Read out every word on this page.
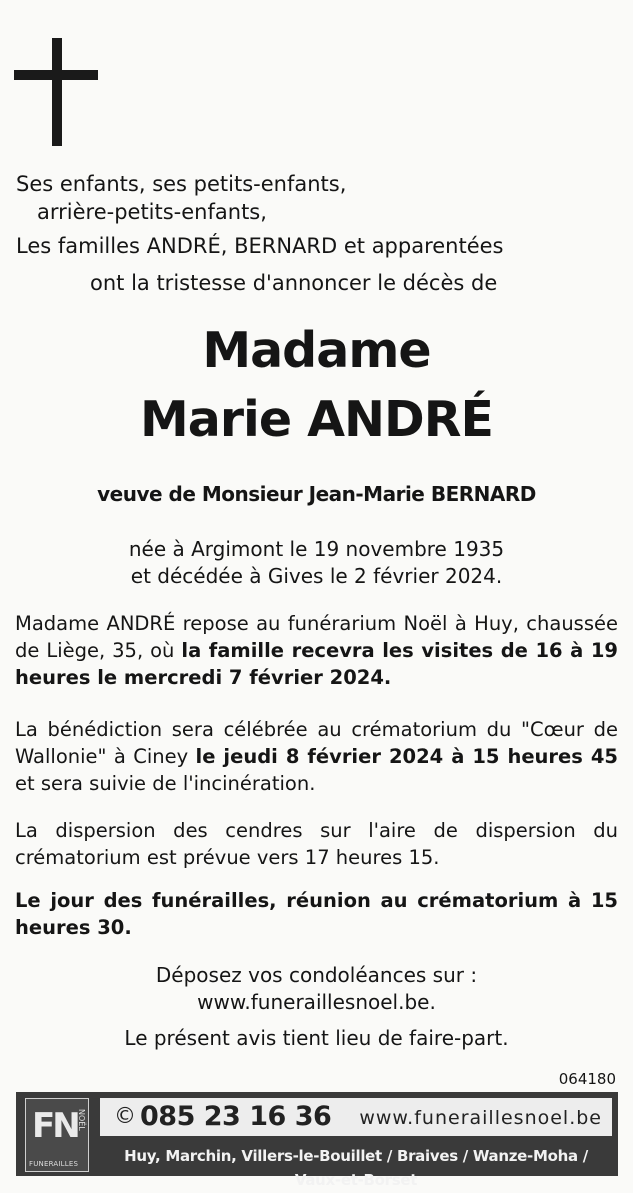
Ses enfants, ses petits-enfants,
arrière-petits-enfants,
Les familles ANDRÉ, BERNARD et apparentées
ont la tristesse d'annoncer le décès de
Madame
Marie ANDRÉ
veuve de Monsieur Jean-Marie BERNARD
née à Argimont le 19 novembre 1935
et décédée à Gives le 2 février 2024.
Madame ANDRÉ repose au funérarium Noël à Huy, chaussée de Liège, 35, où la famille recevra les visites de 16 à 19 heures le mercredi 7 février 2024.
La bénédiction sera célébrée au crématorium du "Cœur de Wallonie" à Ciney le jeudi 8 février 2024 à 15 heures 45 et sera suivie de l'incinération.
La dispersion des cendres sur l'aire de dispersion du crématorium est prévue vers 17 heures 15.
Le jour des funérailles, réunion au crématorium à 15 heures 30.
Déposez vos condoléances sur :
www.funeraillesnoel.be.
Le présent avis tient lieu de faire-part.
064180
FN NOËL
FUNERAILLES
© 085 23 16 36 www.funeraillesnoel.be
Huy, Marchin, Villers-le-Bouillet / Braives / Wanze-Moha / Vaux-et-Borset
